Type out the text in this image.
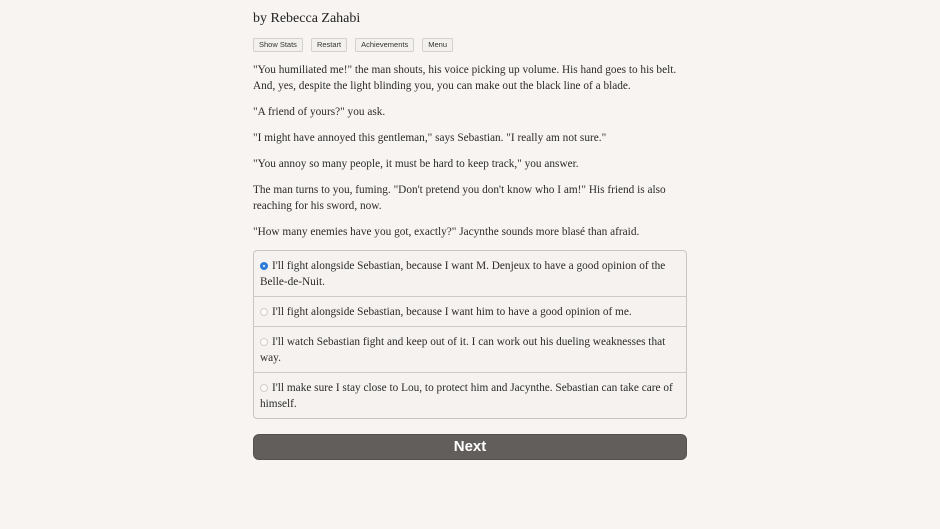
by Rebecca Zahabi
Show Stats	Restart	Achievements	Menu

"You humiliated me!" the man shouts, his voice picking up volume. His hand goes to his belt. And, yes, despite the light blinding you, you can make out the black line of a blade.

"A friend of yours?" you ask.

"I might have annoyed this gentleman," says Sebastian. "I really am not sure."

"You annoy so many people, it must be hard to keep track," you answer.

The man turns to you, fuming. "Don't pretend you don't know who I am!" His friend is also reaching for his sword, now.

"How many enemies have you got, exactly?" Jacynthe sounds more blasé than afraid.

I'll fight alongside Sebastian, because I want M. Denjeux to have a good opinion of the Belle-de-Nuit.
I'll fight alongside Sebastian, because I want him to have a good opinion of me.
I'll watch Sebastian fight and keep out of it. I can work out his dueling weaknesses that way.
I'll make sure I stay close to Lou, to protect him and Jacynthe. Sebastian can take care of himself.
Next
